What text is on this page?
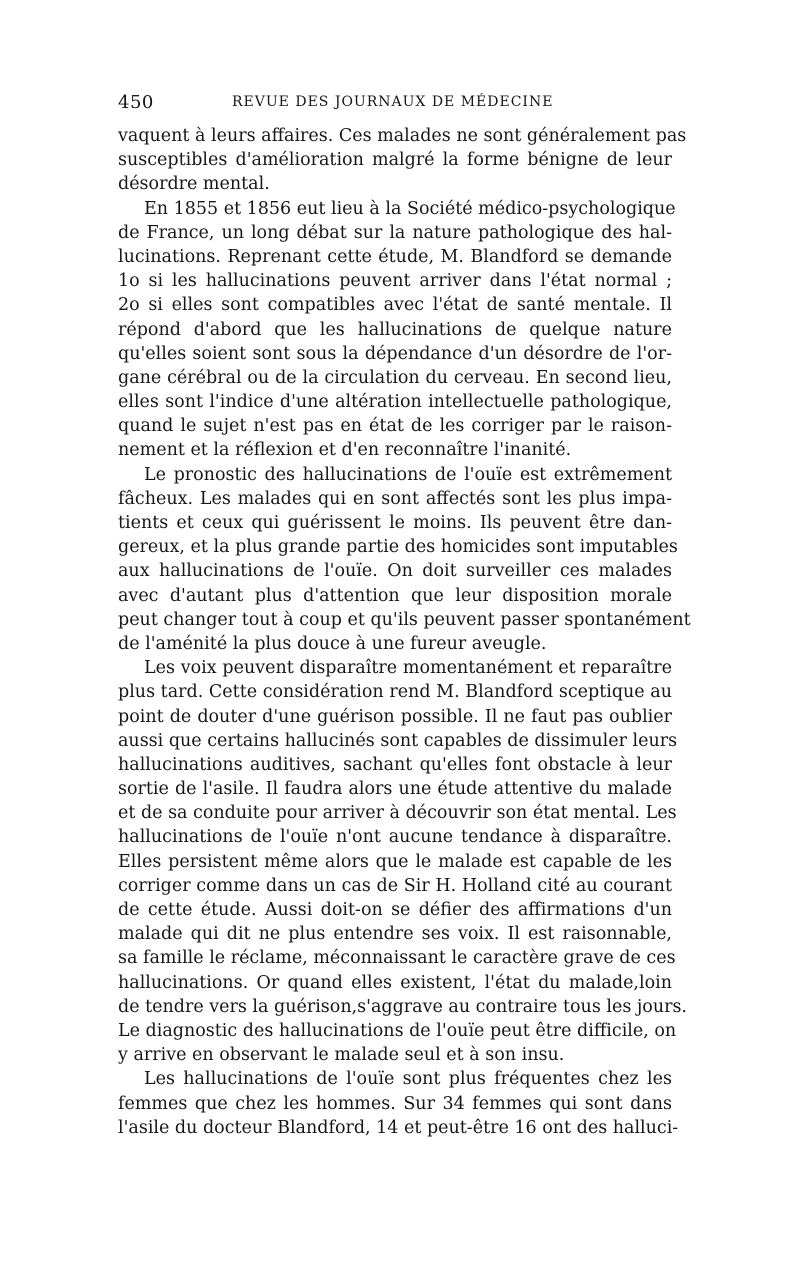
450	REVUE DES JOURNAUX DE MÉDECINE
vaquent à leurs affaires. Ces malades ne sont généralement pas
susceptibles d'amélioration malgré la forme bénigne de leur
désordre mental.
En 1855 et 1856 eut lieu à la Société médico-psychologique
de France, un long débat sur la nature pathologique des hal-
lucinations. Reprenant cette étude, M. Blandford se demande
1o si les hallucinations peuvent arriver dans l'état normal ;
2o si elles sont compatibles avec l'état de santé mentale. Il
répond d'abord que les hallucinations de quelque nature
qu'elles soient sont sous la dépendance d'un désordre de l'or-
gane cérébral ou de la circulation du cerveau. En second lieu,
elles sont l'indice d'une altération intellectuelle pathologique,
quand le sujet n'est pas en état de les corriger par le raison-
nement et la réflexion et d'en reconnaître l'inanité.
Le pronostic des hallucinations de l'ouïe est extrêmement
fâcheux. Les malades qui en sont affectés sont les plus impa-
tients et ceux qui guérissent le moins. Ils peuvent être dan-
gereux, et la plus grande partie des homicides sont imputables
aux hallucinations de l'ouïe. On doit surveiller ces malades
avec d'autant plus d'attention que leur disposition morale
peut changer tout à coup et qu'ils peuvent passer spontanément
de l'aménité la plus douce à une fureur aveugle.
Les voix peuvent disparaître momentanément et reparaître
plus tard. Cette considération rend M. Blandford sceptique au
point de douter d'une guérison possible. Il ne faut pas oublier
aussi que certains hallucinés sont capables de dissimuler leurs
hallucinations auditives, sachant qu'elles font obstacle à leur
sortie de l'asile. Il faudra alors une étude attentive du malade
et de sa conduite pour arriver à découvrir son état mental. Les
hallucinations de l'ouïe n'ont aucune tendance à disparaître.
Elles persistent même alors que le malade est capable de les
corriger comme dans un cas de Sir H. Holland cité au courant
de cette étude. Aussi doit-on se défier des affirmations d'un
malade qui dit ne plus entendre ses voix. Il est raisonnable,
sa famille le réclame, méconnaissant le caractère grave de ces
hallucinations. Or quand elles existent, l'état du malade,loin
de tendre vers la guérison,s'aggrave au contraire tous les jours.
Le diagnostic des hallucinations de l'ouïe peut être difficile, on
y arrive en observant le malade seul et à son insu.
Les hallucinations de l'ouïe sont plus fréquentes chez les
femmes que chez les hommes. Sur 34 femmes qui sont dans
l'asile du docteur Blandford, 14 et peut-être 16 ont des halluci-
